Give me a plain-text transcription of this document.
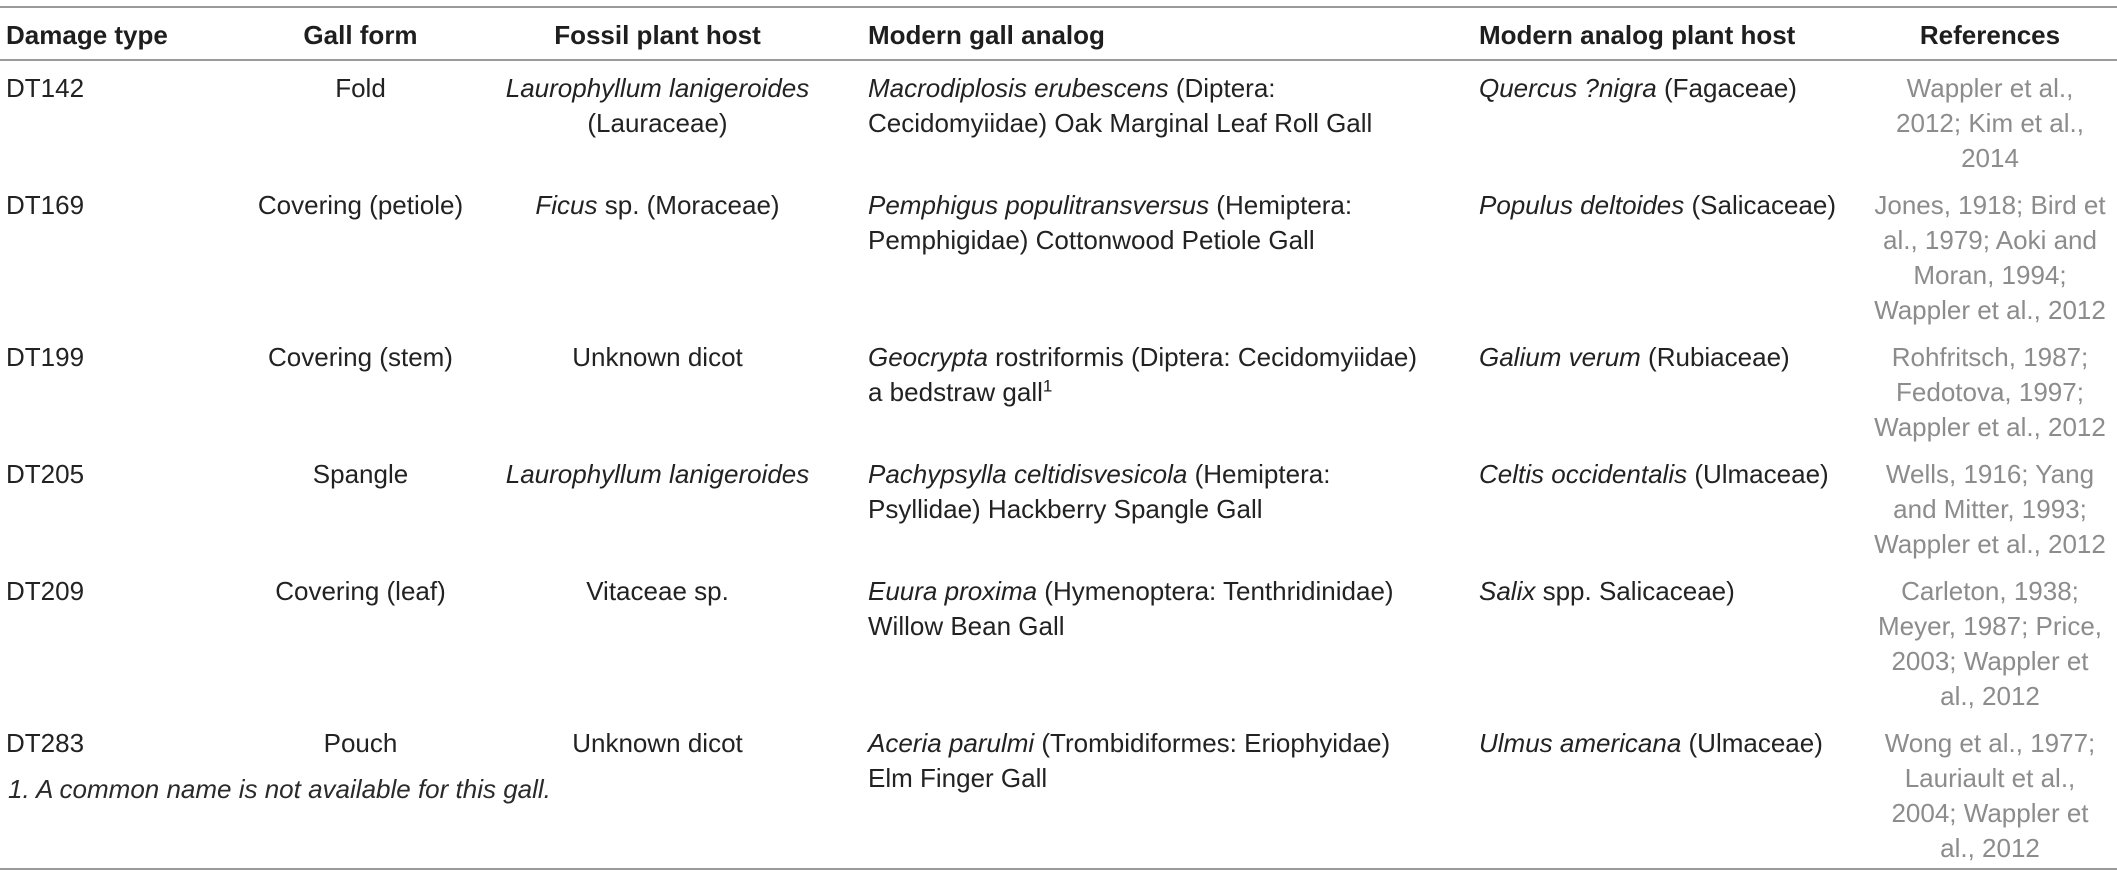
Damage type	Gall form	Fossil plant host	Modern gall analog	Modern analog plant host	References
DT142	Fold	Laurophyllum lanigeroides (Lauraceae)	Macrodiplosis erubescens (Diptera: Cecidomyiidae) Oak Marginal Leaf Roll Gall	Quercus ?nigra (Fagaceae)	Wappler et al., 2012; Kim et al., 2014
DT169	Covering (petiole)	Ficus sp. (Moraceae)	Pemphigus populitransversus (Hemiptera: Pemphigidae) Cottonwood Petiole Gall	Populus deltoides (Salicaceae)	Jones, 1918; Bird et al., 1979; Aoki and Moran, 1994; Wappler et al., 2012
DT199	Covering (stem)	Unknown dicot	Geocrypta rostriformis (Diptera: Cecidomyiidae) a bedstraw gall$^1$	Galium verum (Rubiaceae)	Rohfritsch, 1987; Fedotova, 1997; Wappler et al., 2012
DT205	Spangle	Laurophyllum lanigeroides	Pachypsylla celtidisvesicola (Hemiptera: Psyllidae) Hackberry Spangle Gall	Celtis occidentalis (Ulmaceae)	Wells, 1916; Yang and Mitter, 1993; Wappler et al., 2012
DT209	Covering (leaf)	Vitaceae sp.	Euura proxima (Hymenoptera: Tenthridinidae) Willow Bean Gall	Salix spp. Salicaceae)	Carleton, 1938; Meyer, 1987; Price, 2003; Wappler et al., 2012
DT283	Pouch	Unknown dicot	Aceria parulmi (Trombidiformes: Eriophyidae) Elm Finger Gall	Ulmus americana (Ulmaceae)	Wong et al., 1977; Lauriault et al., 2004; Wappler et al., 2012
1. A common name is not available for this gall.
